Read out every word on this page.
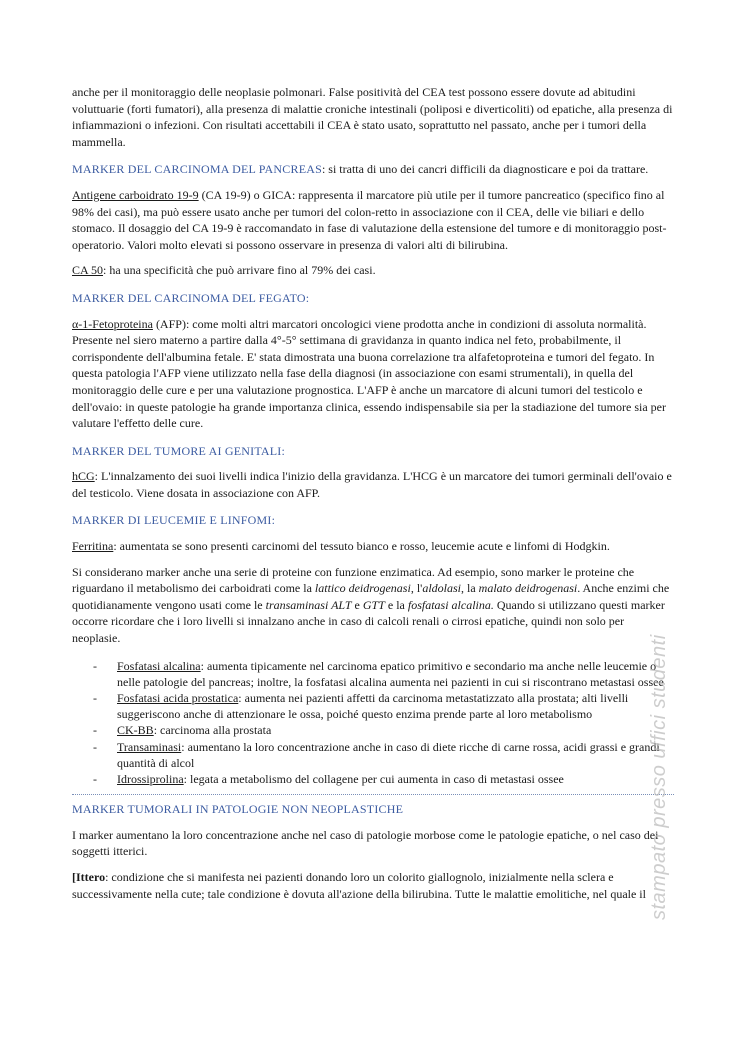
anche per il monitoraggio delle neoplasie polmonari. False positività del CEA test possono essere dovute ad abitudini voluttuarie (forti fumatori), alla presenza di malattie croniche intestinali (poliposi e diverticoliti) od epatiche, alla presenza di infiammazioni o infezioni. Con risultati accettabili il CEA è stato usato, soprattutto nel passato, anche per i tumori della mammella.

MARKER DEL CARCINOMA DEL PANCREAS: si tratta di uno dei cancri difficili da diagnosticare e poi da trattare.

Antigene carboidrato 19-9 (CA 19-9) o GICA: rappresenta il marcatore più utile per il tumore pancreatico (specifico fino al 98% dei casi), ma può essere usato anche per tumori del colon-retto in associazione con il CEA, delle vie biliari e dello stomaco. Il dosaggio del CA 19-9 è raccomandato in fase di valutazione della estensione del tumore e di monitoraggio post-operatorio. Valori molto elevati si possono osservare in presenza di valori alti di bilirubina.

CA 50: ha una specificità che può arrivare fino al 79% dei casi.

MARKER DEL CARCINOMA DEL FEGATO:

α-1-Fetoproteina (AFP): come molti altri marcatori oncologici viene prodotta anche in condizioni di assoluta normalità. Presente nel siero materno a partire dalla 4°-5° settimana di gravidanza in quanto indica nel feto, probabilmente, il corrispondente dell'albumina fetale. E' stata dimostrata una buona correlazione tra alfafetoproteina e tumori del fegato. In questa patologia l'AFP viene utilizzato nella fase della diagnosi (in associazione con esami strumentali), in quella del monitoraggio delle cure e per una valutazione prognostica. L'AFP è anche un marcatore di alcuni tumori del testicolo e dell'ovaio: in queste patologie ha grande importanza clinica, essendo indispensabile sia per la stadiazione del tumore sia per valutare l'effetto delle cure.

MARKER DEL TUMORE AI GENITALI:

hCG: L'innalzamento dei suoi livelli indica l'inizio della gravidanza. L'HCG è un marcatore dei tumori germinali dell'ovaio e del testicolo. Viene dosata in associazione con AFP.

MARKER DI LEUCEMIE E LINFOMI:

Ferritina: aumentata se sono presenti carcinomi del tessuto bianco e rosso, leucemie acute e linfomi di Hodgkin.

Si considerano marker anche una serie di proteine con funzione enzimatica. Ad esempio, sono marker le proteine che riguardano il metabolismo dei carboidrati come la lattico deidrogenasi, l'aldolasi, la malato deidrogenasi. Anche enzimi che quotidianamente vengono usati come le transaminasi ALT e GTT e la fosfatasi alcalina. Quando si utilizzano questi marker occorre ricordare che i loro livelli si innalzano anche in caso di calcoli renali o cirrosi epatiche, quindi non solo per neoplasie.

- Fosfatasi alcalina: aumenta tipicamente nel carcinoma epatico primitivo e secondario ma anche nelle leucemie o nelle patologie del pancreas; inoltre, la fosfatasi alcalina aumenta nei pazienti in cui si riscontrano metastasi ossee
- Fosfatasi acida prostatica: aumenta nei pazienti affetti da carcinoma metastatizzato alla prostata; alti livelli suggeriscono anche di attenzionare le ossa, poiché questo enzima prende parte al loro metabolismo
- CK-BB: carcinoma alla prostata
- Transaminasi: aumentano la loro concentrazione anche in caso di diete ricche di carne rossa, acidi grassi e grandi quantità di alcol
- Idrossiprolina: legata a metabolismo del collagene per cui aumenta in caso di metastasi ossee

MARKER TUMORALI IN PATOLOGIE NON NEOPLASTICHE

I marker aumentano la loro concentrazione anche nel caso di patologie morbose come le patologie epatiche, o nel caso dei soggetti itterici.

[Ittero: condizione che si manifesta nei pazienti donando loro un colorito giallognolo, inizialmente nella sclera e successivamente nella cute; tale condizione è dovuta all'azione della bilirubina. Tutte le malattie emolitiche, nel quale il stampato presso uffici studenti
